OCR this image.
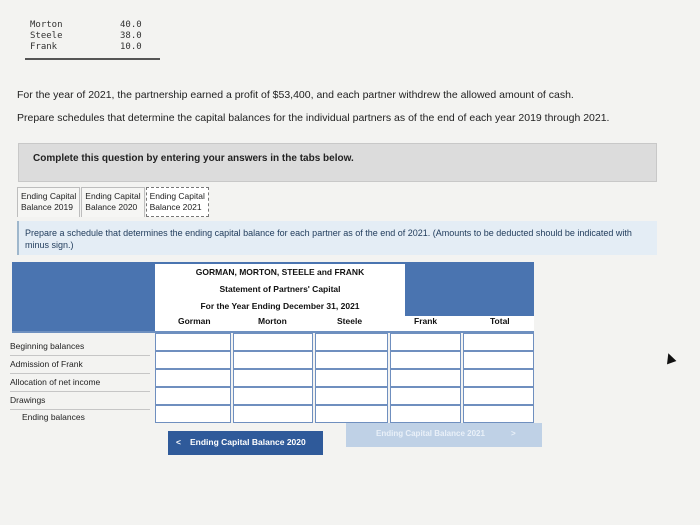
Morton	40.0
Steele	38.0
Frank	10.0
For the year of 2021, the partnership earned a profit of $53,400, and each partner withdrew the allowed amount of cash.
Prepare schedules that determine the capital balances for the individual partners as of the end of each year 2019 through 2021.
Complete this question by entering your answers in the tabs below.
Ending Capital
Balance 2019
Ending Capital
Balance 2020
Ending Capital
Balance 2021
Prepare a schedule that determines the ending capital balance for each partner as of the end of 2021. (Amounts to be deducted should be indicated with minus sign.)
GORMAN, MORTON, STEELE and FRANK
Statement of Partners' Capital
For the Year Ending December 31, 2021
Gorman	Morton	Steele	Frank	Total
Beginning balances
Admission of Frank
Allocation of net income
Drawings
Ending balances
< Ending Capital Balance 2020
Ending Capital Balance 2021	>
